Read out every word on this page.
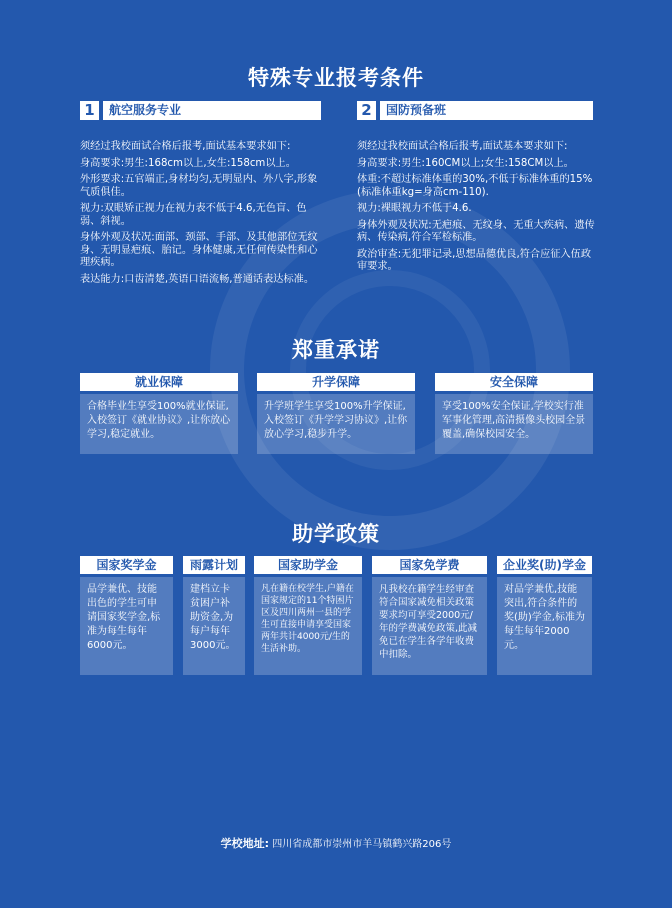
特殊专业报考条件
1	航空服务专业

须经过我校面试合格后报考,面试基本要求如下:

身高要求:男生:168cm以上,女生:158cm以上。

外形要求:五官端正,身材均匀,无明显内、外八字,形象气质俱佳。

视力:双眼矫正视力在视力表不低于4.6,无色盲、色弱、斜视。

身体外观及状况:面部、颈部、手部、及其他部位无纹身、无明显疤痕、胎记。身体健康,无任何传染性和心理疾病。

表达能力:口齿清楚,英语口语流畅,普通话表达标准。

2	国防预备班

须经过我校面试合格后报考,面试基本要求如下:

身高要求:男生:160CM以上;女生:158CM以上。

体重:不超过标准体重的30%,不低于标准体重的15%(标准体重kg=身高cm-110).

视力:裸眼视力不低于4.6.

身体外观及状况:无疤痕、无纹身、无重大疾病、遗传病、传染病,符合军检标准。

政治审查:无犯罪记录,思想品德优良,符合应征入伍政审要求。

郑重承诺
就业保障
合格毕业生享受100%就业保证,入校签订《就业协议》,让你放心学习,稳定就业。
升学保障
升学班学生享受100%升学保证,入校签订《升学学习协议》,让你放心学习,稳步升学。
安全保障
享受100%安全保证,学校实行准军事化管理,高清摄像头校园全景覆盖,确保校园安全。
助学政策
国家奖学金
品学兼优、技能出色的学生可申请国家奖学金,标准为每生每年6000元。
雨露计划
建档立卡贫困户补助资金,为每户每年3000元。
国家助学金
凡在籍在校学生,户籍在国家规定的11个特困片区及四川两州一县的学生可直接申请享受国家两年共计4000元/生的生活补助。
国家免学费
凡我校在籍学生经审查符合国家减免相关政策要求均可享受2000元/年的学费减免政策,此减免已在学生各学年收费中扣除。
企业奖(助)学金
对品学兼优,技能突出,符合条件的奖(助)学金,标准为每生每年2000元。
学校地址: 四川省成都市崇州市羊马镇鹤兴路206号
